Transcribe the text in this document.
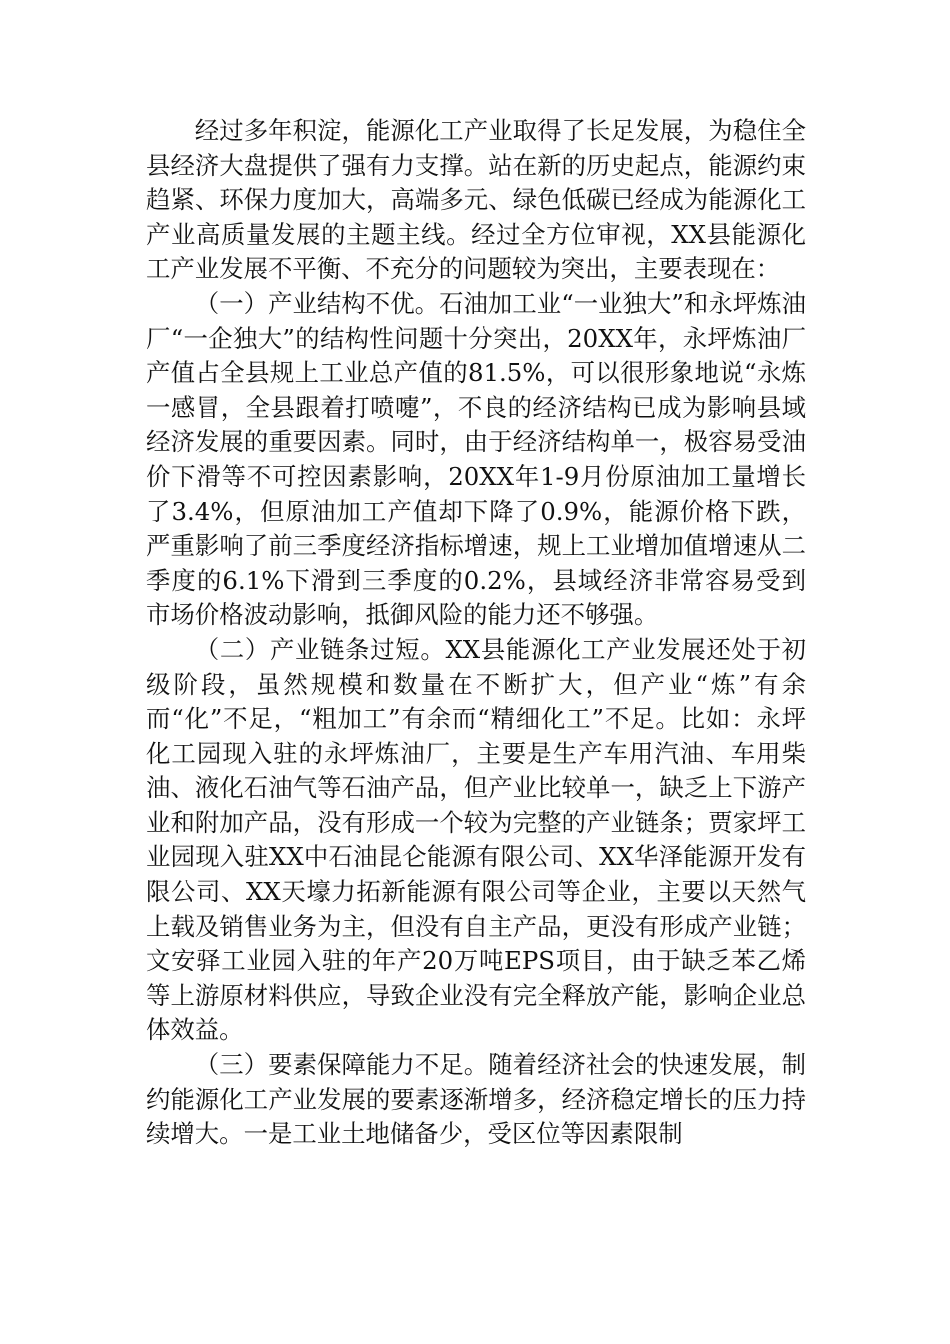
经过多年积淀，能源化工产业取得了长足发展，为稳住全县经济大盘提供了强有力支撑。站在新的历史起点，能源约束趋紧、环保力度加大，高端多元、绿色低碳已经成为能源化工产业高质量发展的主题主线。经过全方位审视，XX县能源化工产业发展不平衡、不充分的问题较为突出，主要表现在：

（一）产业结构不优。石油加工业“一业独大”和永坪炼油厂“一企独大”的结构性问题十分突出，20XX年，永坪炼油厂产值占全县规上工业总产值的81.5%，可以很形象地说“永炼一感冒，全县跟着打喷嚏”，不良的经济结构已成为影响县域经济发展的重要因素。同时，由于经济结构单一，极容易受油价下滑等不可控因素影响，20XX年1-9月份原油加工量增长了3.4%，但原油加工产值却下降了0.9%，能源价格下跌，严重影响了前三季度经济指标增速，规上工业增加值增速从二季度的6.1%下滑到三季度的0.2%，县域经济非常容易受到市场价格波动影响，抵御风险的能力还不够强。

（二）产业链条过短。XX县能源化工产业发展还处于初级阶段，虽然规模和数量在不断扩大，但产业“炼”有余而“化”不足，“粗加工”有余而“精细化工”不足。比如：永坪化工园现入驻的永坪炼油厂，主要是生产车用汽油、车用柴油、液化石油气等石油产品，但产业比较单一，缺乏上下游产业和附加产品，没有形成一个较为完整的产业链条；贾家坪工业园现入驻XX中石油昆仑能源有限公司、XX华泽能源开发有限公司、XX天壕力拓新能源有限公司等企业，主要以天然气上载及销售业务为主，但没有自主产品，更没有形成产业链；文安驿工业园入驻的年产20万吨EPS项目，由于缺乏苯乙烯等上游原材料供应，导致企业没有完全释放产能，影响企业总体效益。

（三）要素保障能力不足。随着经济社会的快速发展，制约能源化工产业发展的要素逐渐增多，经济稳定增长的压力持续增大。一是工业土地储备少，受区位等因素限制
